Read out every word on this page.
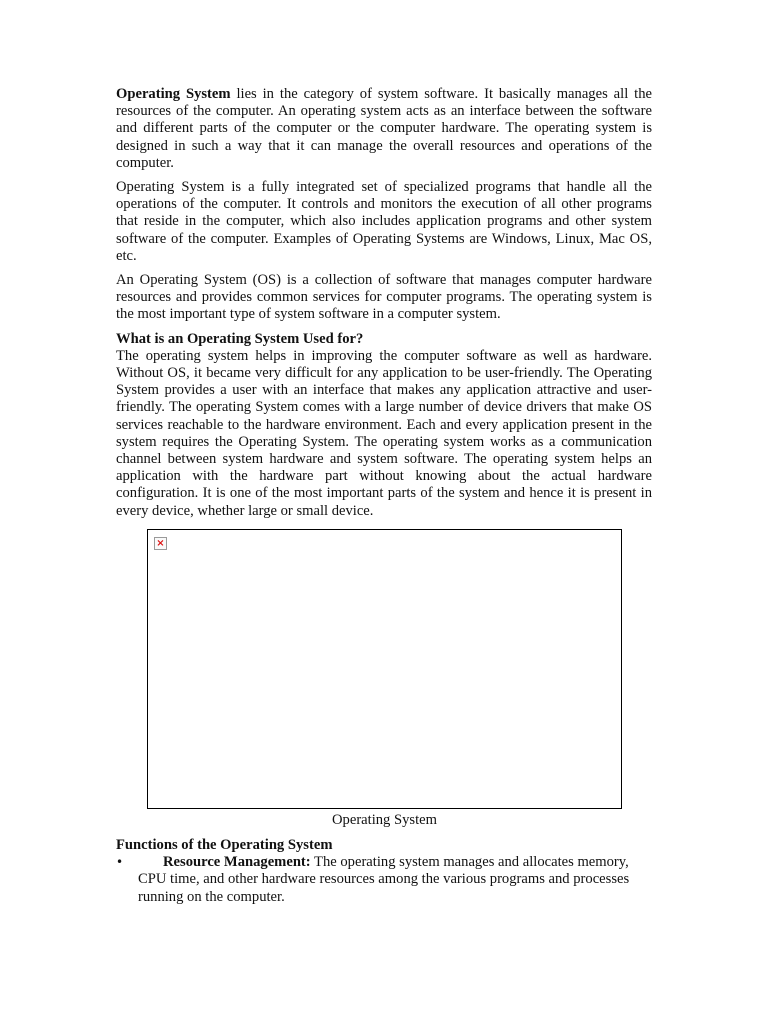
Operating System lies in the category of system software. It basically manages all the resources of the computer. An operating system acts as an interface between the software and different parts of the computer or the computer hardware. The operating system is designed in such a way that it can manage the overall resources and operations of the computer.

Operating System is a fully integrated set of specialized programs that handle all the operations of the computer. It controls and monitors the execution of all other programs that reside in the computer, which also includes application programs and other system software of the computer. Examples of Operating Systems are Windows, Linux, Mac OS, etc.

An Operating System (OS) is a collection of software that manages computer hardware resources and provides common services for computer programs. The operating system is the most important type of system software in a computer system.

What is an Operating System Used for?

The operating system helps in improving the computer software as well as hardware. Without OS, it became very difficult for any application to be user-friendly. The Operating System provides a user with an interface that makes any application attractive and user-friendly. The operating System comes with a large number of device drivers that make OS services reachable to the hardware environment. Each and every application present in the system requires the Operating System. The operating system works as a communication channel between system hardware and system software. The operating system helps an application with the hardware part without knowing about the actual hardware configuration. It is one of the most important parts of the system and hence it is present in every device, whether large or small device.

×
Operating System
Functions of the Operating System
•	Resource Management: The operating system manages and allocates memory, CPU time, and other hardware resources among the various programs and processes running on the computer.
